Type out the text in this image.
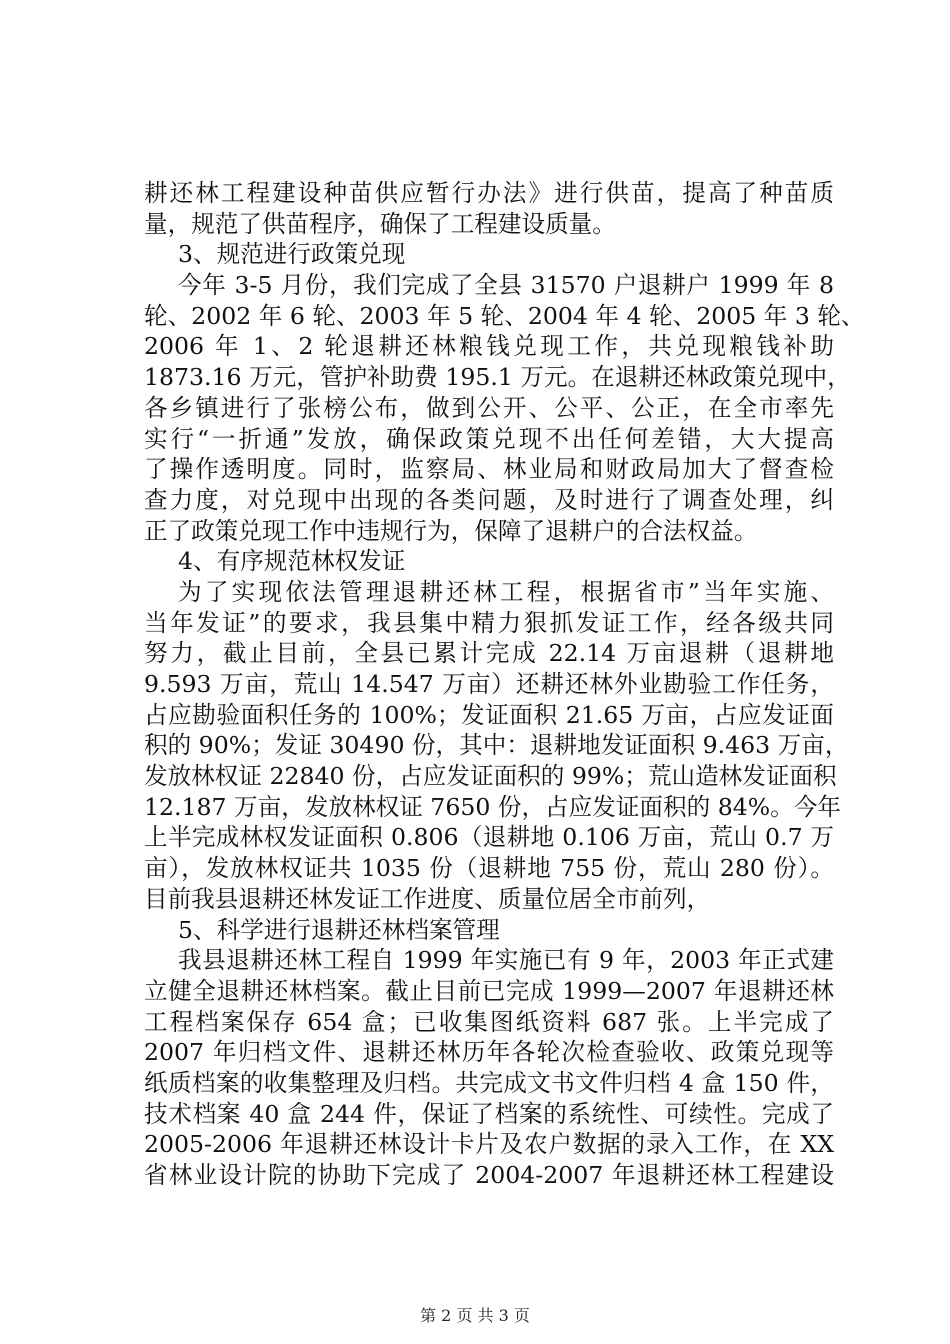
耕还林工程建设种苗供应暂行办法》进行供苗，提高了种苗质
量，规范了供苗程序，确保了工程建设质量。
3、规范进行政策兑现
今年 3-5 月份，我们完成了全县 31570 户退耕户 1999 年 8
轮、2002 年 6 轮、2003 年 5 轮、2004 年 4 轮、2005 年 3 轮、
2006 年 1、2 轮退耕还林粮钱兑现工作，共兑现粮钱补助
1873.16 万元，管护补助费 195.1 万元。在退耕还林政策兑现中，
各乡镇进行了张榜公布，做到公开、公平、公正，在全市率先
实行“一折通”发放，确保政策兑现不出任何差错，大大提高
了操作透明度。同时，监察局、林业局和财政局加大了督查检
查力度，对兑现中出现的各类问题，及时进行了调查处理，纠
正了政策兑现工作中违规行为，保障了退耕户的合法权益。
4、有序规范林权发证
为了实现依法管理退耕还林工程，根据省市”当年实施、
当年发证”的要求，我县集中精力狠抓发证工作，经各级共同
努力，截止目前，全县已累计完成 22.14 万亩退耕（退耕地
9.593 万亩，荒山 14.547 万亩）还耕还林外业勘验工作任务，
占应勘验面积任务的 100%；发证面积 21.65 万亩，占应发证面
积的 90%；发证 30490 份，其中：退耕地发证面积 9.463 万亩，
发放林权证 22840 份，占应发证面积的 99%；荒山造林发证面积
12.187 万亩，发放林权证 7650 份，占应发证面积的 84%。今年
上半完成林权发证面积 0.806（退耕地 0.106 万亩，荒山 0.7 万
亩），发放林权证共 1035 份（退耕地 755 份，荒山 280 份）。
目前我县退耕还林发证工作进度、质量位居全市前列，
5、科学进行退耕还林档案管理
我县退耕还林工程自 1999 年实施已有 9 年，2003 年正式建
立健全退耕还林档案。截止目前已完成 1999—2007 年退耕还林
工程档案保存 654 盒；已收集图纸资料 687 张。上半完成了
2007 年归档文件、退耕还林历年各轮次检查验收、政策兑现等
纸质档案的收集整理及归档。共完成文书文件归档 4 盒 150 件，
技术档案 40 盒 244 件，保证了档案的系统性、可续性。完成了
2005-2006 年退耕还林设计卡片及农户数据的录入工作，在 XX
省林业设计院的协助下完成了 2004-2007 年退耕还林工程建设
第 2 页 共 3 页
